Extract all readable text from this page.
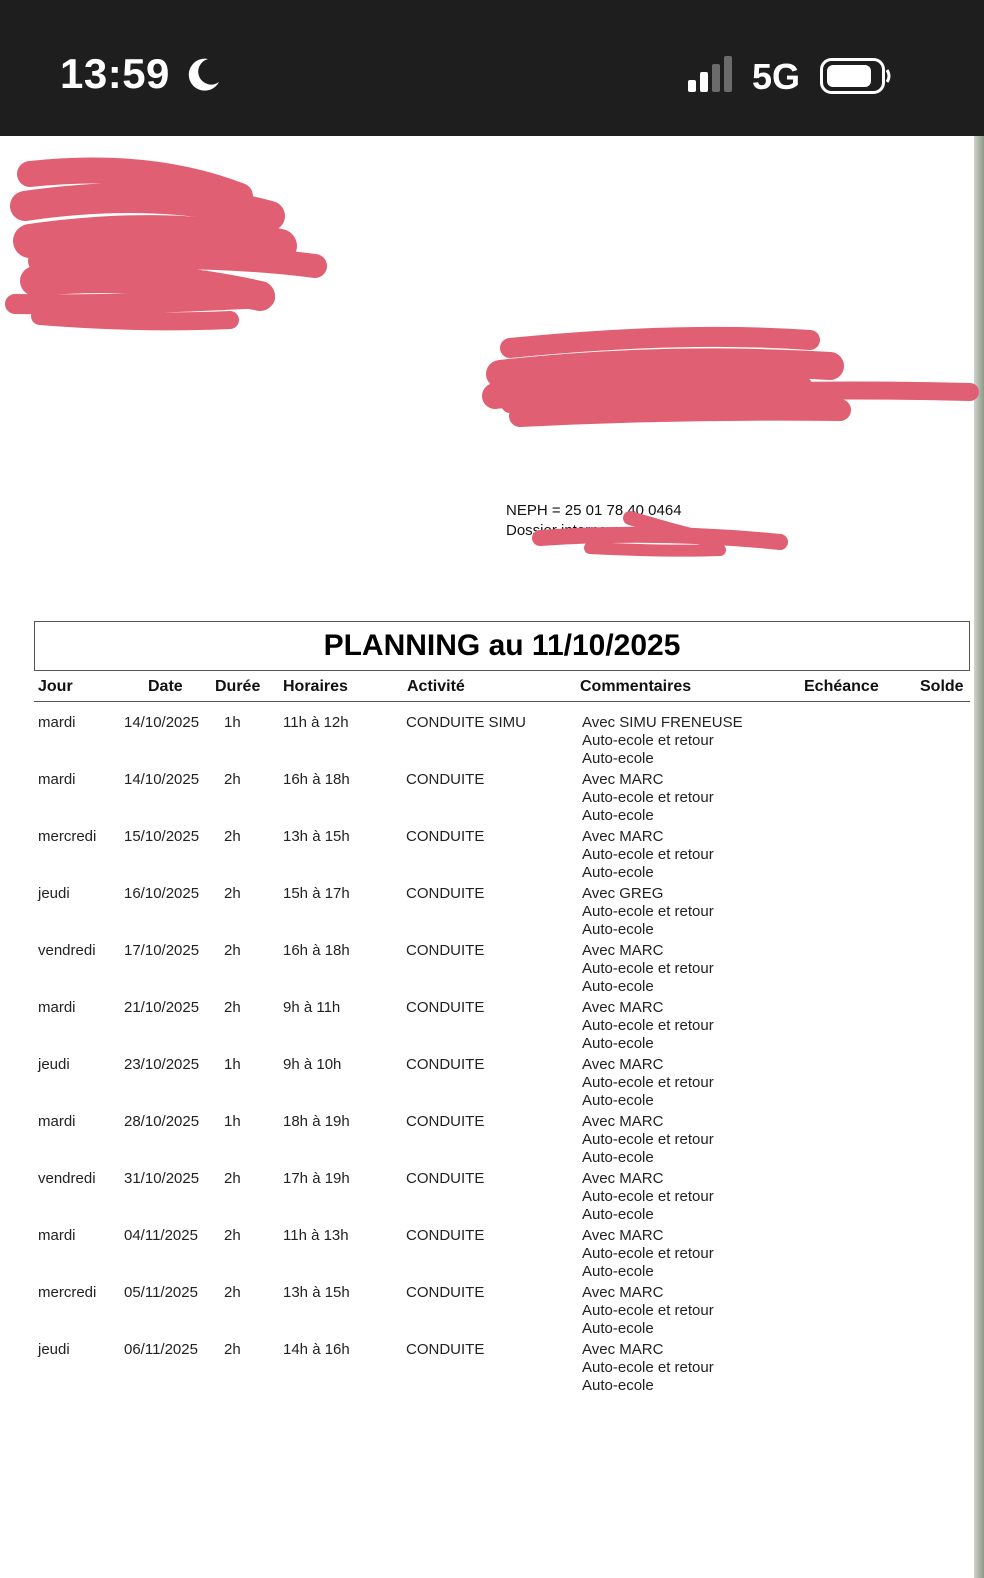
13:59	5G
NEPH = 25 01 78 40 0464
Dossier interne = ...420
PLANNING au 11/10/2025
Jour	Date Durée Horaires	Activité	Commentaires	Echéance	Solde
mardi	14/10/2025 1h	11h à 12h	CONDUITE SIMU	Avec SIMU FRENEUSE
Auto-ecole et retour
Auto-ecole
mardi	14/10/2025 2h	16h à 18h	CONDUITE	Avec MARC
Auto-ecole et retour
Auto-ecole
mercredi 15/10/2025 2h	13h à 15h	CONDUITE	Avec MARC
Auto-ecole et retour
Auto-ecole
jeudi	16/10/2025 2h	15h à 17h	CONDUITE	Avec GREG
Auto-ecole et retour
Auto-ecole
vendredi 17/10/2025 2h	16h à 18h	CONDUITE	Avec MARC
Auto-ecole et retour
Auto-ecole
mardi	21/10/2025 2h	9h à 11h	CONDUITE	Avec MARC
Auto-ecole et retour
Auto-ecole
jeudi	23/10/2025 1h	9h à 10h	CONDUITE	Avec MARC
Auto-ecole et retour
Auto-ecole
mardi	28/10/2025 1h	18h à 19h	CONDUITE	Avec MARC
Auto-ecole et retour
Auto-ecole
vendredi 31/10/2025 2h	17h à 19h	CONDUITE	Avec MARC
Auto-ecole et retour
Auto-ecole
mardi	04/11/2025 2h	11h à 13h	CONDUITE	Avec MARC
Auto-ecole et retour
Auto-ecole
mercredi 05/11/2025 2h	13h à 15h	CONDUITE	Avec MARC
Auto-ecole et retour
Auto-ecole
jeudi	06/11/2025 2h	14h à 16h	CONDUITE	Avec MARC
Auto-ecole et retour
Auto-ecole
